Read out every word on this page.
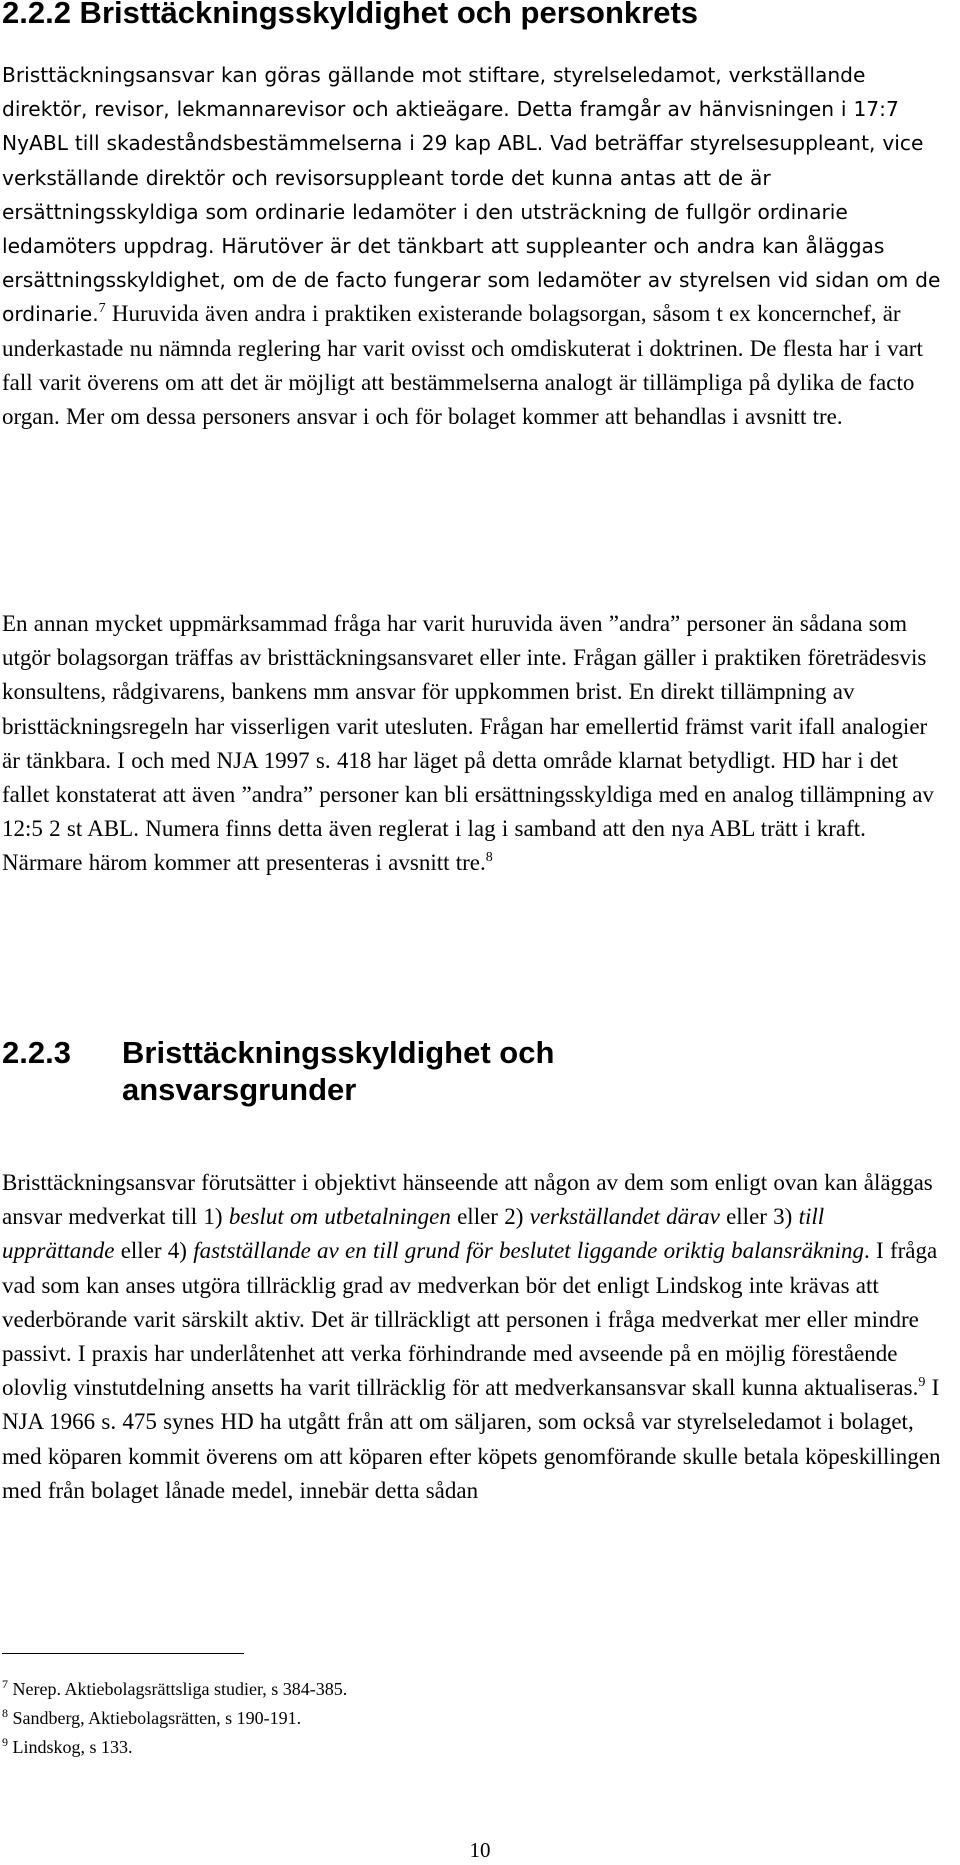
2.2.2 Bristtäckningsskyldighet och personkrets

Bristtäckningsansvar kan göras gällande mot stiftare, styrelseledamot, verkställande direktör, revisor, lekmannarevisor och aktieägare. Detta framgår av hänvisningen i 17:7 NyABL till skadeståndsbestämmelserna i 29 kap ABL. Vad beträffar styrelsesuppleant, vice verkställande direktör och revisorsuppleant torde det kunna antas att de är ersättningsskyldiga som ordinarie ledamöter i den utsträckning de fullgör ordinarie ledamöters uppdrag. Härutöver är det tänkbart att suppleanter och andra kan åläggas ersättningsskyldighet, om de de facto fungerar som ledamöter av styrelsen vid sidan om de ordinarie.$^7$ Huruvida även andra i praktiken existerande bolagsorgan, såsom t ex koncernchef, är underkastade nu nämnda reglering har varit ovisst och omdiskuterat i doktrinen. De flesta har i vart fall varit överens om att det är möjligt att bestämmelserna analogt är tillämpliga på dylika de facto organ. Mer om dessa personers ansvar i och för bolaget kommer att behandlas i avsnitt tre.

En annan mycket uppmärksammad fråga har varit huruvida även ”andra” personer än sådana som utgör bolagsorgan träffas av bristtäckningsansvaret eller inte. Frågan gäller i praktiken företrädesvis konsultens, rådgivarens, bankens mm ansvar för uppkommen brist. En direkt tillämpning av bristtäckningsregeln har visserligen varit utesluten. Frågan har emellertid främst varit ifall analogier är tänkbara. I och med NJA 1997 s. 418 har läget på detta område klarnat betydligt. HD har i det fallet konstaterat att även ”andra” personer kan bli ersättningsskyldiga med en analog tillämpning av 12:5 2 st ABL. Numera finns detta även reglerat i lag i samband att den nya ABL trätt i kraft. Närmare härom kommer att presenteras i avsnitt tre.$^8$

2.2.3 Bristtäckningsskyldighet och
ansvarsgrunder

Bristtäckningsansvar förutsätter i objektivt hänseende att någon av dem som enligt ovan kan åläggas ansvar medverkat till 1) beslut om utbetalningen eller 2) verkställandet därav eller 3) till upprättande eller 4) fastställande av en till grund för beslutet liggande oriktig balansräkning. I fråga vad som kan anses utgöra tillräcklig grad av medverkan bör det enligt Lindskog inte krävas att vederbörande varit särskilt aktiv. Det är tillräckligt att personen i fråga medverkat mer eller mindre passivt. I praxis har underlåtenhet att verka förhindrande med avseende på en möjlig förestående olovlig vinstutdelning ansetts ha varit tillräcklig för att medverkansansvar skall kunna aktualiseras.$^9$ I NJA 1966 s. 475 synes HD ha utgått från att om säljaren, som också var styrelseledamot i bolaget, med köparen kommit överens om att köparen efter köpets genomförande skulle betala köpeskillingen med från bolaget lånade medel, innebär detta sådan

$^7$ Nerep. Aktiebolagsrättsliga studier, s 384-385.
$^8$ Sandberg, Aktiebolagsrätten, s 190-191.
$^9$ Lindskog, s 133.
10
